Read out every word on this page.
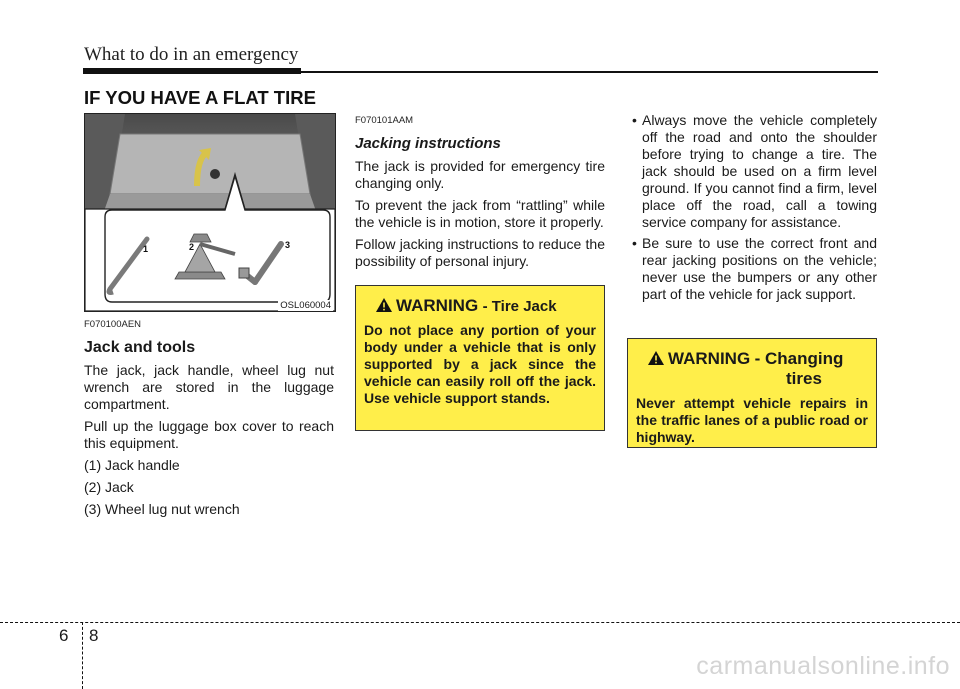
What to do in an emergency
IF YOU HAVE A FLAT TIRE
1	2	3
OSL060004
F070100AEN
Jack and tools

The jack, jack handle, wheel lug nut wrench are stored in the luggage compartment.

Pull up the luggage box cover to reach this equipment.

(1) Jack handle

(2) Jack

(3) Wheel lug nut wrench

F070101AAM
Jacking instructions

The jack is provided for emergency tire changing only.

To prevent the jack from “rattling” while the vehicle is in motion, store it properly.

Follow jacking instructions to reduce the possibility of personal injury.

WARNING - Tire Jack

Do not place any portion of your body under a vehicle that is only supported by a jack since the vehicle can easily roll off the jack. Use vehicle support stands.

• Always move the vehicle completely off the road and onto the shoulder before trying to change a tire. The jack should be used on a firm level ground. If you cannot find a firm, level place off the road, call a towing service company for assistance.
• Be sure to use the correct front and rear jacking positions on the vehicle; never use the bumpers or any other part of the vehicle for jack support.
WARNING - Changing
tires

Never attempt vehicle repairs in the traffic lanes of a public road or highway.

6 8
carmanualsonline.info
